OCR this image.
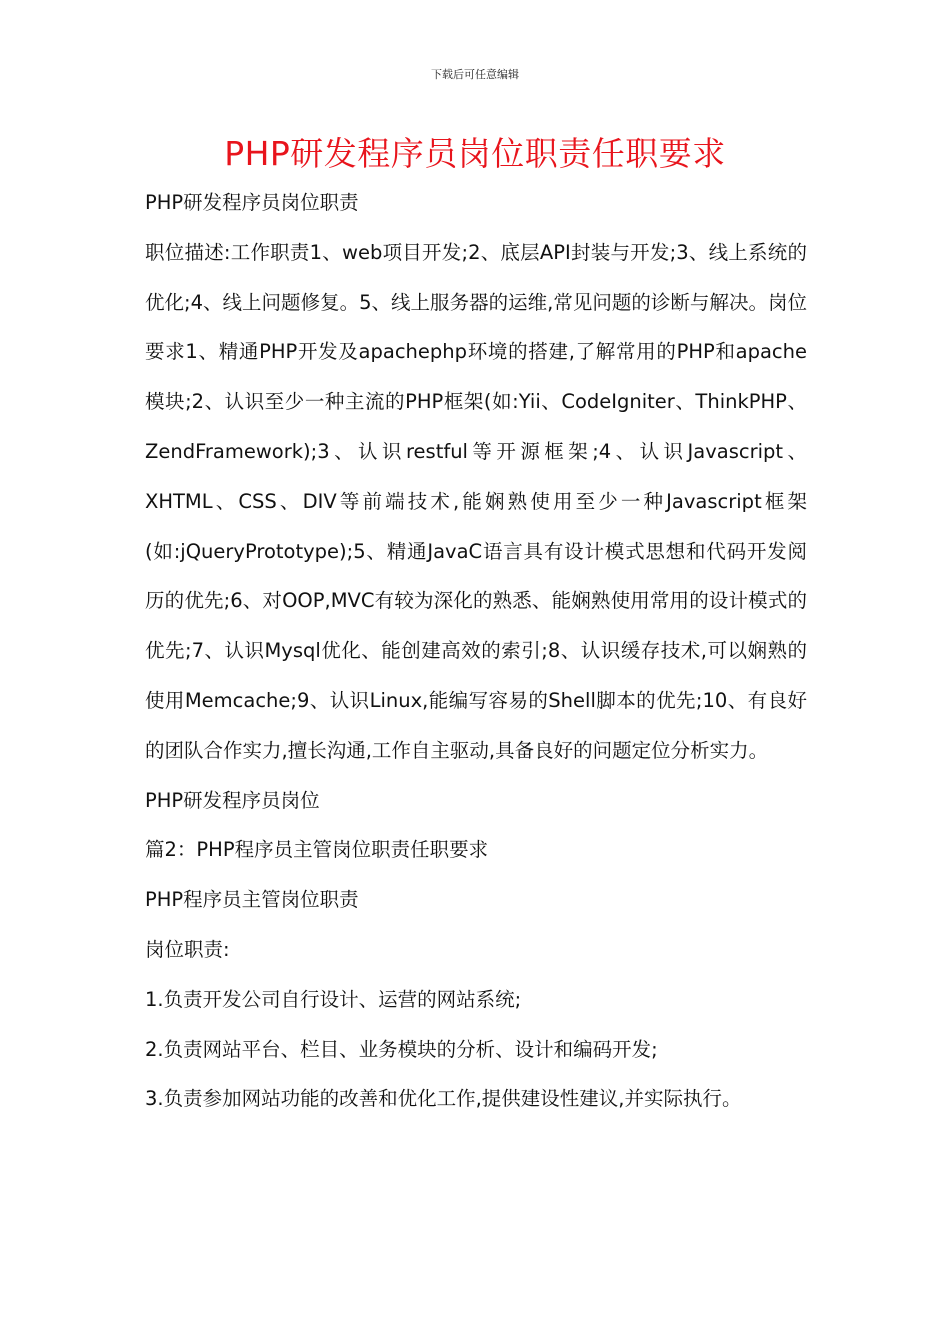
下载后可任意编辑
PHP研发程序员岗位职责任职要求

PHP研发程序员岗位职责

职位描述:工作职责1、web项目开发;2、底层API封装与开发;3、线上系统的优化;4、线上问题修复。5、线上服务器的运维,常见问题的诊断与解决。岗位要求1、精通PHP开发及apachephp环境的搭建,了解常用的PHP和apache模块;2、认识至少一种主流的PHP框架(如:Yii、CodeIgniter、ThinkPHP、ZendFramework);3、认识restful等开源框架;4、认识Javascript、XHTML、CSS、DIV等前端技术,能娴熟使用至少一种Javascript框架(如:jQueryPrototype);5、精通JavaC语言具有设计模式思想和代码开发阅历的优先;6、对OOP,MVC有较为深化的熟悉、能娴熟使用常用的设计模式的优先;7、认识Mysql优化、能创建高效的索引;8、认识缓存技术,可以娴熟的使用Memcache;9、认识Linux,能编写容易的Shell脚本的优先;10、有良好的团队合作实力,擅长沟通,工作自主驱动,具备良好的问题定位分析实力。

PHP研发程序员岗位

篇2：PHP程序员主管岗位职责任职要求

PHP程序员主管岗位职责

岗位职责:

1.负责开发公司自行设计、运营的网站系统;

2.负责网站平台、栏目、业务模块的分析、设计和编码开发;

3.负责参加网站功能的改善和优化工作,提供建设性建议,并实际执行。
